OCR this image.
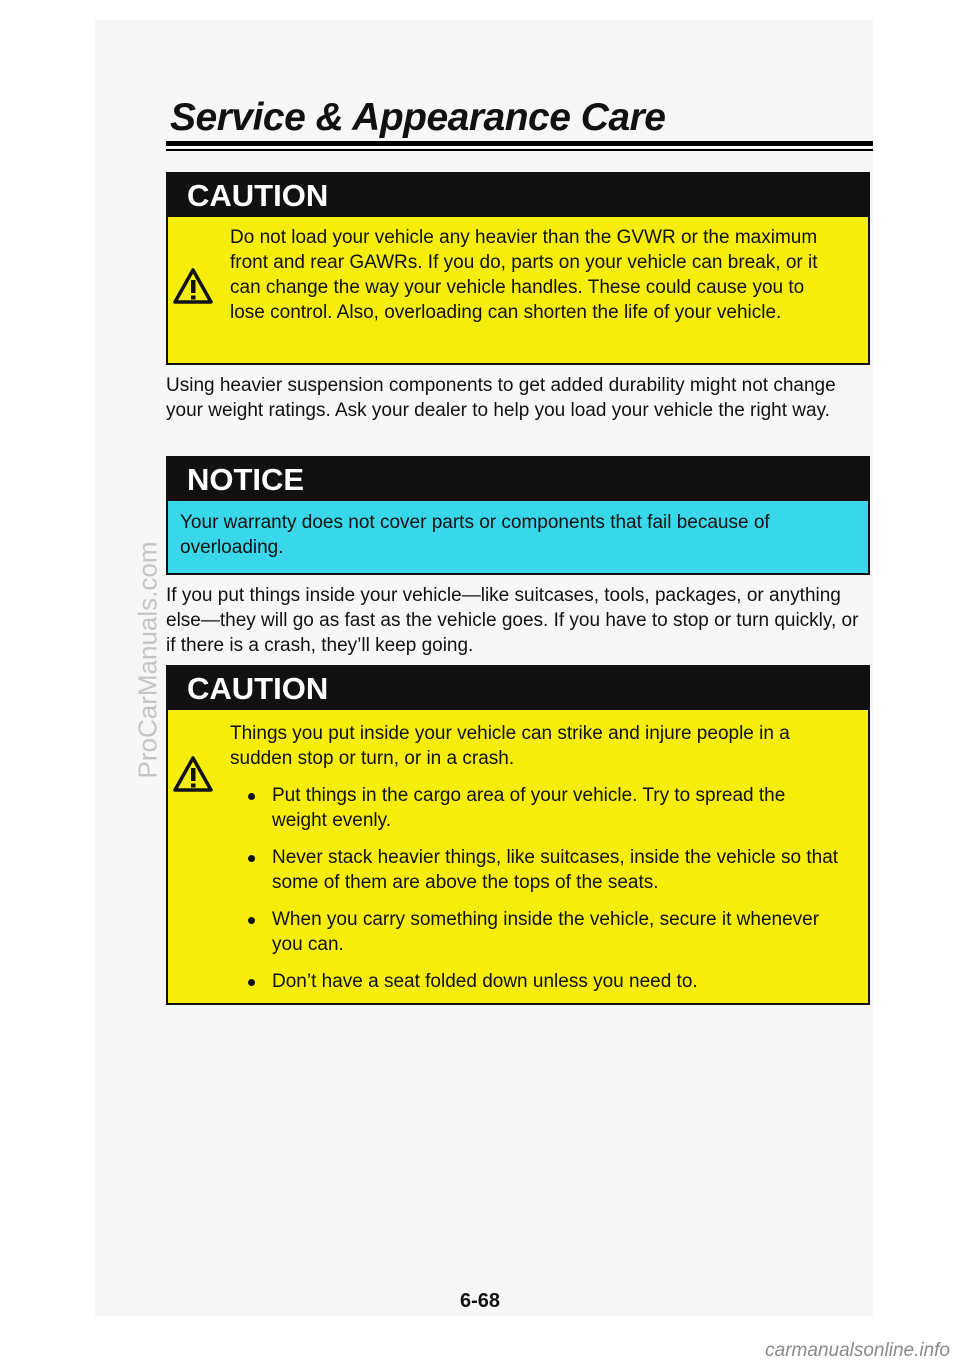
ProCarManuals.com
Service & Appearance Care
CAUTION
Do not load your vehicle any heavier than the GVWR or the maximum front and rear GAWRs. If you do, parts on your vehicle can break, or it can change the way your vehicle handles. These could cause you to lose control. Also, overloading can shorten the life of your vehicle.
Using heavier suspension components to get added durability might not change your weight ratings. Ask your dealer to help you load your vehicle the right way.
NOTICE
Your warranty does not cover parts or components that fail because of overloading.
If you put things inside your vehicle—like suitcases, tools, packages, or anything else—they will go as fast as the vehicle goes. If you have to stop or turn quickly, or if there is a crash, they’ll keep going.
CAUTION
Things you put inside your vehicle can strike and injure people in a sudden stop or turn, or in a crash.
Put things in the cargo area of your vehicle. Try to spread the weight evenly.
Never stack heavier things, like suitcases, inside the vehicle so that some of them are above the tops of the seats.
When you carry something inside the vehicle, secure it whenever you can.
Don’t have a seat folded down unless you need to.
6-68
carmanualsonline.info
